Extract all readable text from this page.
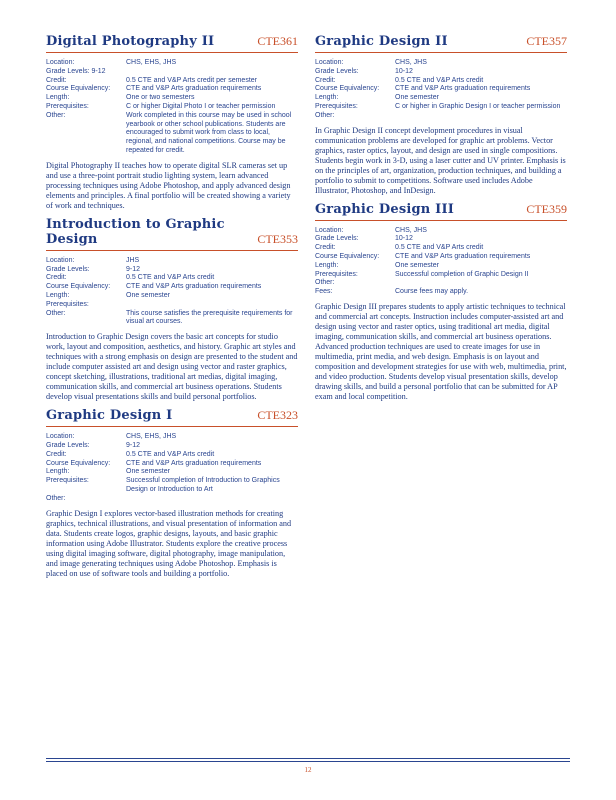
Digital Photography II	CTE361
Location:	CHS, EHS, JHS
Grade Levels: 9-12
Credit:	0.5 CTE and V&P Arts credit per semester
Course Equivalency:	CTE and V&P Arts graduation requirements
Length:	One or two semesters
Prerequisites:	C or higher Digital Photo I or teacher permission
Other:	Work completed in this course may be used in school yearbook or other school publications. Students are encouraged to submit work from class to local, regional, and national competitions. Course may be repeated for credit.
Digital Photography II teaches how to operate digital SLR cameras set up and use a three-point portrait studio lighting system, learn advanced processing techniques using Adobe Photoshop, and apply advanced design elements and principles. A final portfolio will be created showing a variety of work and techniques.
Introduction to Graphic Design	CTE353
Location:	JHS
Grade Levels:	9-12
Credit:	0.5 CTE and V&P Arts credit
Course Equivalency:	CTE and V&P Arts graduation requirements
Length:	One semester
Prerequisites:
Other:	This course satisfies the prerequisite requirements for visual art courses.
Introduction to Graphic Design covers the basic art concepts for studio work, layout and composition, aesthetics, and history. Graphic art styles and techniques with a strong emphasis on design are presented to the student and include computer assisted art and design using vector and raster graphics, concept sketching, illustrations, traditional art medias, digital imaging, communication skills, and commercial art business operations. Students develop visual presentations skills and build personal portfolios.
Graphic Design I	CTE323
Location:	CHS, EHS, JHS
Grade Levels:	9-12
Credit:	0.5 CTE and V&P Arts credit
Course Equivalency:	CTE and V&P Arts graduation requirements
Length:	One semester
Prerequisites:	Successful completion of Introduction to Graphics Design or Introduction to Art
Other:
Graphic Design I explores vector-based illustration methods for creating graphics, technical illustrations, and visual presentation of information and data. Students create logos, graphic designs, layouts, and basic graphic information using Adobe Illustrator. Students explore the creative process using digital imaging software, digital photography, image manipulation, and image generating techniques using Adobe Photoshop. Emphasis is placed on use of software tools and building a portfolio.
Graphic Design II	CTE357
Location:	CHS, JHS
Grade Levels:	10-12
Credit:	0.5 CTE and V&P Arts credit
Course Equivalency:	CTE and V&P Arts graduation requirements
Length:	One semester
Prerequisites:	C or higher in Graphic Design I or teacher permission
Other:
In Graphic Design II concept development procedures in visual communication problems are developed for graphic art problems. Vector graphics, raster optics, layout, and design are used in single compositions. Students begin work in 3-D, using a laser cutter and UV printer. Emphasis is on the principles of art, organization, production techniques, and building a portfolio to submit to competitions. Software used includes Adobe Illustrator, Photoshop, and InDesign.
Graphic Design III	CTE359
Location:	CHS, JHS
Grade Levels:	10-12
Credit:	0.5 CTE and V&P Arts credit
Course Equivalency:	CTE and V&P Arts graduation requirements
Length:	One semester
Prerequisites:	Successful completion of Graphic Design II
Other:
Fees:	Course fees may apply.
Graphic Design III prepares students to apply artistic techniques to technical and commercial art concepts. Instruction includes computer-assisted art and design using vector and raster optics, using traditional art media, digital imaging, communication skills, and commercial art business operations. Advanced production techniques are used to create images for use in multimedia, print media, and web design. Emphasis is on layout and composition and development strategies for use with web, multimedia, print, and video production. Students develop visual presentation skills, develop drawing skills, and build a personal portfolio that can be submitted for AP exam and local competition.
12
